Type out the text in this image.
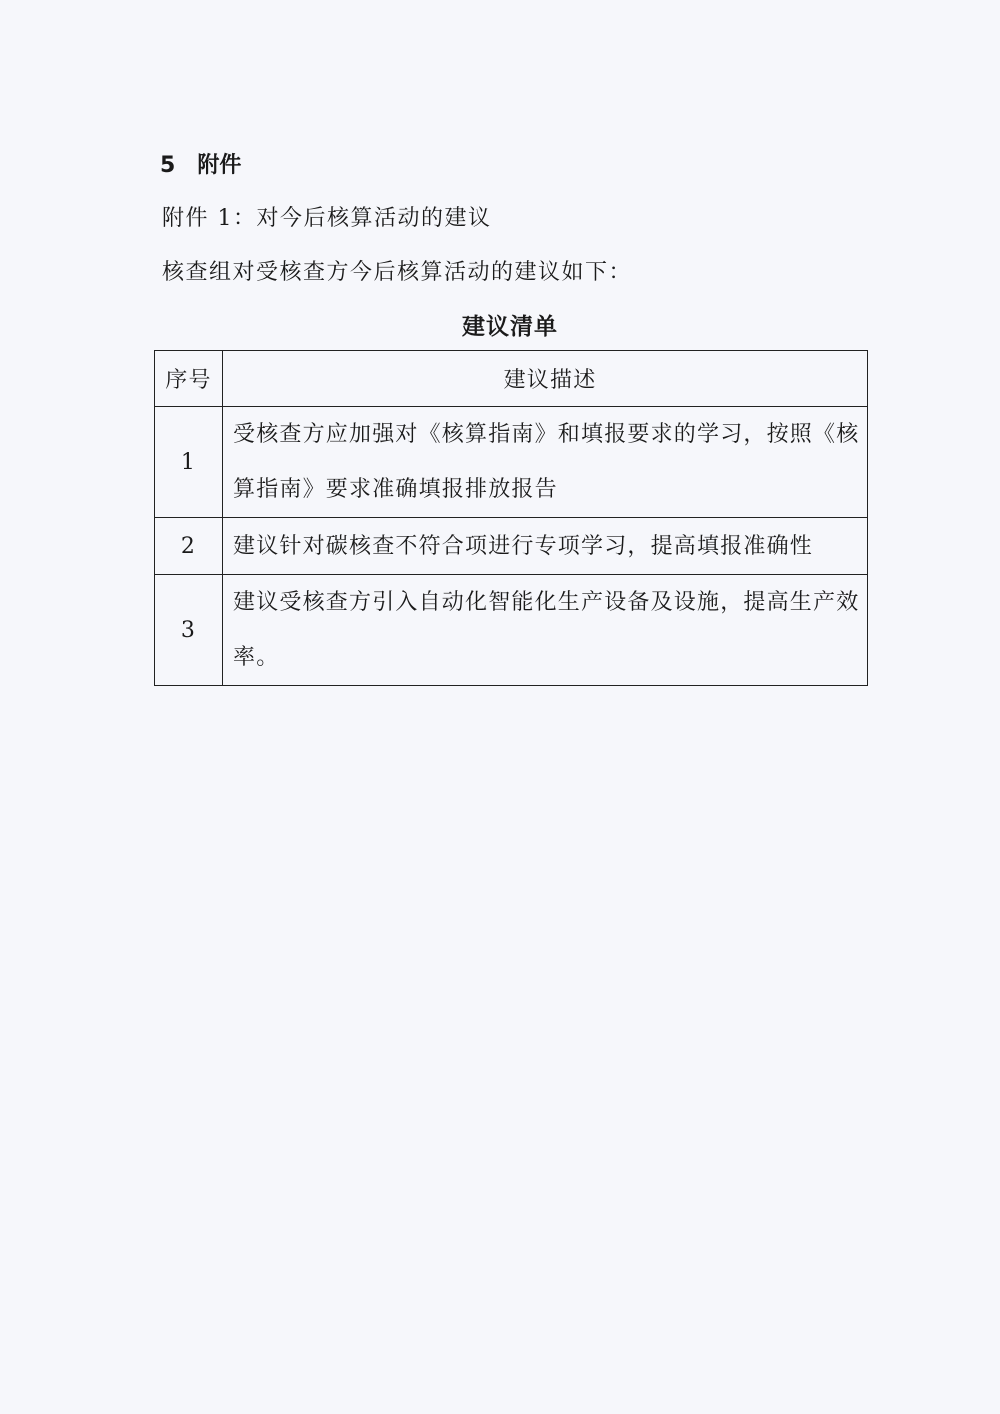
5 附件
附件 1：对今后核算活动的建议
核查组对受核查方今后核算活动的建议如下：
建议清单
序号	建议描述
1	受核查方应加强对《核算指南》和填报要求的学习，按照《核
算指南》要求准确填报排放报告

2	建议针对碳核查不符合项进行专项学习，提高填报准确性

3	建议受核查方引入自动化智能化生产设备及设施，提高生产效
率。
